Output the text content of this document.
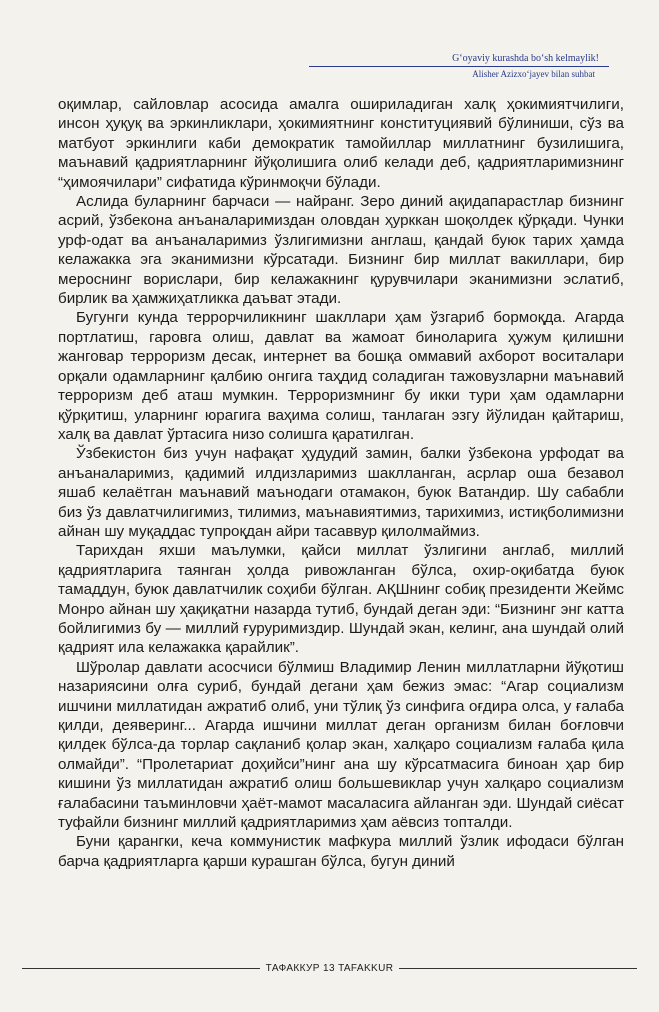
G‘oyaviy kurashda bo‘sh kelmaylik!
Alisher Azizxo‘jayev bilan suhbat

оқимлар, сайловлар асосида амалга ошириладиган халқ ҳокимиятчилиги, инсон ҳуқуқ ва эркинликлари, ҳокимиятнинг конституциявий бўлиниши, сўз ва матбуот эркинлиги каби демократик тамойиллар миллатнинг бузилишига, маънавий қадриятларнинг йўқолишига олиб келади деб, қадриятларимизнинг “ҳимоячилари” сифатида кўринмоқчи бўлади.

Аслида буларнинг барчаси — найранг. Зеро диний ақидапарастлар бизнинг асрий, ўзбекона анъаналаримиздан оловдан ҳурккан шоқолдек қўрқади. Чунки урф-одат ва анъаналаримиз ўзлигимизни англаш, қандай буюк тарих ҳамда келажакка эга эканимизни кўрсатади. Бизнинг бир миллат вакиллари, бир мероснинг ворислари, бир келажакнинг қурувчилари эканимизни эслатиб, бирлик ва ҳамжиҳатликка даъват этади.

Бугунги кунда террорчиликнинг шакллари ҳам ўзгариб бормоқда. Агарда портлатиш, гаровга олиш, давлат ва жамоат биноларига ҳужум қилишни жанговар терроризм десак, интернет ва бошқа оммавий ахборот воситалари орқали одамларнинг қалбию онгига таҳдид соладиган тажовузларни маънавий терроризм деб аташ мумкин. Терроризмнинг бу икки тури ҳам одамларни қўрқитиш, уларнинг юрагига ваҳима солиш, танлаган эзгу йўлидан қайтариш, халқ ва давлат ўртасига низо солишга қаратилган.

Ўзбекистон биз учун нафақат ҳудудий замин, балки ўзбекона урфодат ва анъаналаримиз, қадимий илдизларимиз шаклланган, асрлар оша безавол яшаб келаётган маънавий маънодаги отамакон, буюк Ватандир. Шу сабабли биз ўз давлатчилигимиз, тилимиз, маънавиятимиз, тарихимиз, истиқболимизни айнан шу муқаддас тупроқдан айри тасаввур қилолмаймиз.

Тарихдан яхши маълумки, қайси миллат ўзлигини англаб, миллий қадриятларига таянган ҳолда ривожланган бўлса, охир-оқибатда буюк тамаддун, буюк давлатчилик соҳиби бўлган. АҚШнинг собиқ президенти Жеймс Монро айнан шу ҳақиқатни назарда тутиб, бундай деган эди: “Бизнинг энг катта бойлигимиз бу — миллий ғуруримиздир. Шундай экан, келинг, ана шундай олий қадрият ила келажакка қарайлик”.

Шўролар давлати асосчиси бўлмиш Владимир Ленин миллатларни йўқотиш назариясини олға суриб, бундай дегани ҳам бежиз эмас: “Агар социализм ишчини миллатидан ажратиб олиб, уни тўлиқ ўз синфига оғдира олса, у ғалаба қилди, деяверинг... Агарда ишчини миллат деган организм билан боғловчи қилдек бўлса-да торлар сақланиб қолар экан, халқаро социализм ғалаба қила олмайди”. “Пролетариат доҳийси”нинг ана шу кўрсатмасига биноан ҳар бир кишини ўз миллатидан ажратиб олиш большевиклар учун халқаро социализм ғалабасини таъминловчи ҳаёт-мамот масаласига айланган эди. Шундай сиёсат туфайли бизнинг миллий қадриятларимиз ҳам аёвсиз топталди.

Буни қарангки, кеча коммунистик мафкура миллий ўзлик ифодаси бўлган барча қадриятларга қарши курашган бўлса, бугун диний

ТАФАККУР 13 TAFAKKUR
